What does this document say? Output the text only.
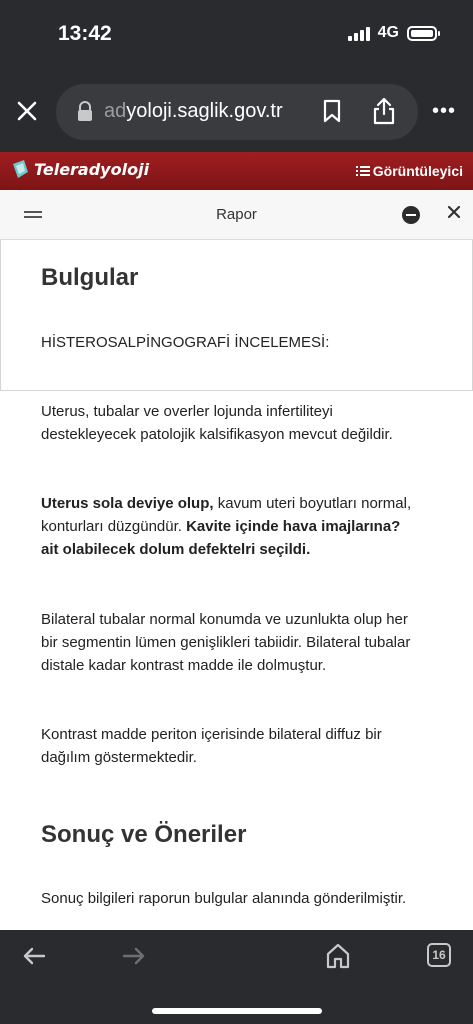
13:42	4G
adyoloji.saglik.gov.tr	•••
Teleradyoloji	Görüntüleyici
Rapor
Bulgular
HİSTEROSALPİNGOGRAFİ İNCELEMESİ:
Uterus, tubalar ve overler lojunda infertiliteyi destekleyecek patolojik kalsifikasyon mevcut değildir.
Uterus sola deviye olup, kavum uteri boyutları normal, konturları düzgündür. Kavite içinde hava imajlarına? ait olabilecek dolum defektelri seçildi.
Bilateral tubalar normal konumda ve uzunlukta olup her bir segmentin lümen genişlikleri tabiidir. Bilateral tubalar distale kadar kontrast madde ile dolmuştur.
Kontrast madde periton içerisinde bilateral diffuz bir dağılım göstermektedir.
Sonuç ve Öneriler
Sonuç bilgileri raporun bulgular alanında gönderilmiştir.
16
